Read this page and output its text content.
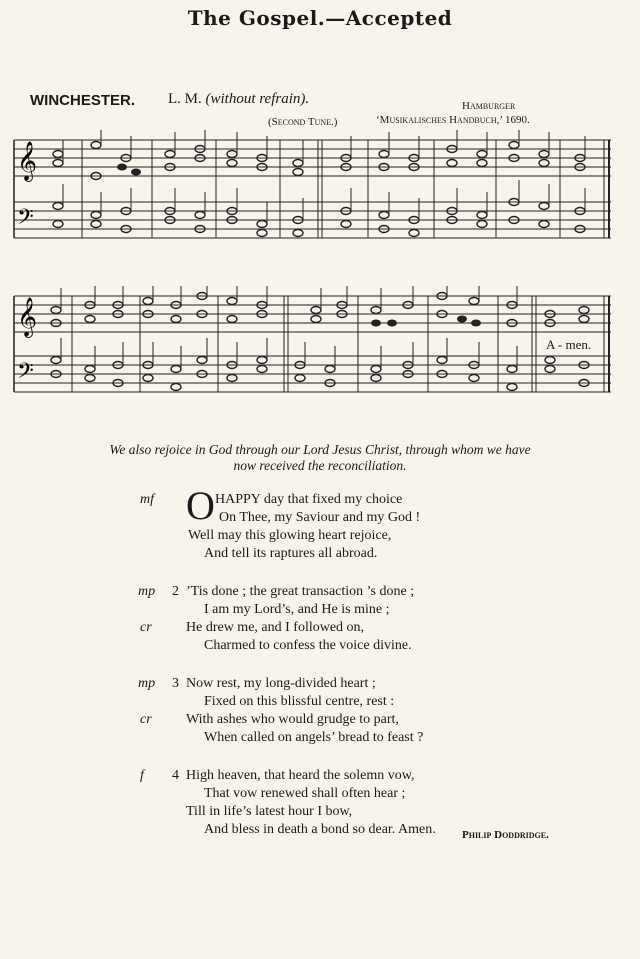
The Gospel.—Accepted
WINCHESTER. L. M. (without refrain).
(Second Tune.)
Hamburger
‘Musikalisches Handbuch,’ 1690.
𝄞
𝄢
𝄞
𝄢
A - men.
We also rejoice in God through our Lord Jesus Christ, through whom we have
now received the reconciliation.
mf O HAPPY day that fixed my choice
On Thee, my Saviour and my God !
Well may this glowing heart rejoice,
And tell its raptures all abroad.
mp 2 ’Tis done ; the great transaction ’s done ;
I am my Lord’s, and He is mine ;
cr He drew me, and I followed on,
Charmed to confess the voice divine.
mp 3 Now rest, my long-divided heart ;
Fixed on this blissful centre, rest :
cr With ashes who would grudge to part,
When called on angels’ bread to feast ?
f 4 High heaven, that heard the solemn vow,
That vow renewed shall often hear ;
Till in life’s latest hour I bow,
And bless in death a bond so dear. Amen. Philip Doddridge.
